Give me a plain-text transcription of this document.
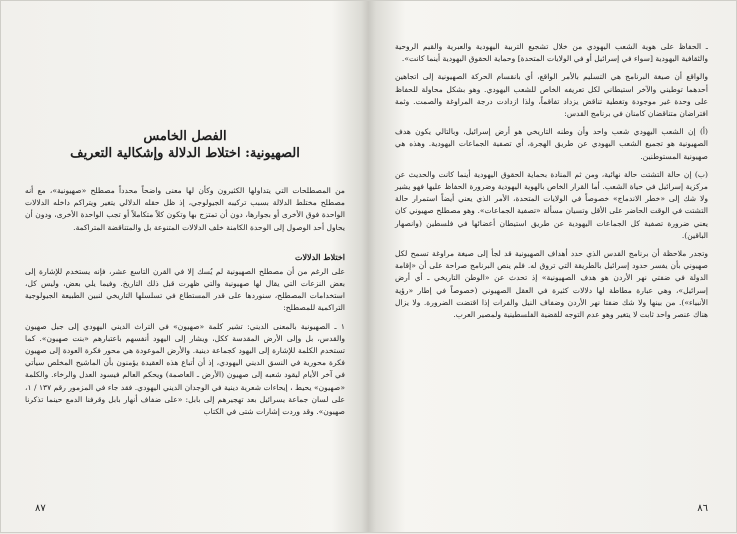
الفصل الخامس
الصهيونية: اختلاط الدلالة وإشكالية التعريف

من المصطلحات التي يتداولها الكثيرون وكأن لها معنى واضحاً محدداً مصطلح «صهيونية»، مع أنه مصطلح مختلط الدلالة بسبب تركيبه الجيولوجي، إذ ظل حقله الدلالي يتغير ويتراكم داخله الدلالات الواحدة فوق الأخرى أو بجوارها، دون أن تمتزج بها وتكون كلاً متكاملاً أو تجب الواحدة الأخرى، ودون أن يحاول أحد الوصول إلى الوحدة الكامنة خلف الدلالات المتنوعة بل والمتناقضة المتراكمة.

اختلاط الدلالات

على الرغم من أن مصطلح الصهيونية لم يُسك إلا في القرن التاسع عشر، فإنه يستخدم للإشارة إلى بعض النزعات التي يقال لها صهيونية والتي ظهرت قبل ذلك التاريخ. وفيما يلي بعض، وليس كل، استخدامات المصطلح، سنوردها على قدر المستطاع في تسلسلها التاريخي لنبين الطبيعة الجيولوجية التراكمية للمصطلح:

١ ـ الصهيونية بالمعنى الديني: تشير كلمة «صهيون» في التراث الديني اليهودي إلى جبل صهيون والقدس، بل وإلى الأرض المقدسة ككل، ويشار إلى اليهود أنفسهم باعتبارهم «بنت صهيون». كما تستخدم الكلمة للإشارة إلى اليهود كجماعة دينية. والأرض الموعودة هي محور فكرة العودة إلى صهيون فكرة محورية في النسق الديني اليهودي، إذ أن أتباع هذه العقيدة يؤمنون بأن الماشيح المخلص سيأتي في آخر الأيام ليقود شعبه إلى صهيون (الأرض ـ العاصمة) ويحكم العالم فيسود العدل والرخاء. والكلمة «صهيون» يحيط ، إيحاءات شعرية دينية في الوجدان الديني اليهودي. فقد جاء في المزمور رقم ١٣٧ / ١، على لسان جماعة يسرائيل بعد تهجيرهم إلى بابل: «على ضفاف أنهار بابل وقرفنا الدمع حينما تذكرنا صهيون». وقد وردت إشارات شتى في الكتاب

٨٧

ـ الحفاظ على هوية الشعب اليهودي من خلال تشجيع التربية اليهودية والعبرية والقيم الروحية والثقافية اليهودية [سواء في إسرائيل أو في الولايات المتحدة] وحماية الحقوق اليهودية أينما كانت».

والواقع أن صيغة البرنامج هي التسليم بالأمر الواقع، أي بانقسام الحركة الصهيونية إلى اتجاهين أحدهما توطيني والآخر استيطاني لكل تعريفه الخاص للشعب اليهودي. وهو بشكل محاولة للحفاظ على وحدة غير موجودة وتغطية تناقض يزداد تفاقماً، ولذا ازدادت درجة المراوغة والصمت. وثمة افتراضان متناقضان كامنان في برنامج القدس:

(أ) إن الشعب اليهودي شعب واحد وأن وطنه التاريخي هو أرض إسرائيل، وبالتالي يكون هدف الصهيونية هو تجميع الشعب اليهودي عن طريق الهجرة، أي تصفية الجماعات اليهودية. وهذه هي صهيونية المستوطنين.

(ب) إن حالة التشتت حالة نهائية، ومن ثم المنادة بحماية الحقوق اليهودية أينما كانت والحديث عن مركزية إسرائيل في حياة الشعب. أما القرار الخاص بالهوية اليهودية وضرورة الحفاظ عليها فهو يشير ولا شك إلى «خطر الاندماج» خصوصاً في الولايات المتحدة، الأمر الذي يعني أيضاً استمرار حالة التشتت في الوقت الحاضر على الأقل وتسيان مسألة «تصفية الجماعات». وهو مصطلح صهيوني كان يعني ضرورة تصفية كل الجماعات اليهودية عن طريق استيطان أعضائها في فلسطين (وانصهار الباقين).

وتجدر ملاحظة أن برنامج القدس الذي حدد أهداف الصهيونية قد لجأ إلى صيغة مراوغة تسمح لكل صهيوني بأن يفسر حدود إسرائيل بالطريقة التي تروق له. فلم ينص البرنامج صراحة على أن «إقامة الدولة في ضفتي نهر الأردن هو هدف الصهيونية» إذ تحدث عن «الوطن التاريخي ـ أي أرض إسرائيل»، وهي عبارة مطاطة لها دلالات كثيرة في العقل الصهيوني (خصوصاً في إطار «رؤية الأنبياء»). من بينها ولا شك ضفتا نهر الأردن وضفاف النيل والفرات إذا اقتضت الضرورة. ولا يزال هناك عنصر واحد ثابت لا يتغير وهو عدم التوجه للقضية الفلسطينية ولمصير العرب.

٨٦
